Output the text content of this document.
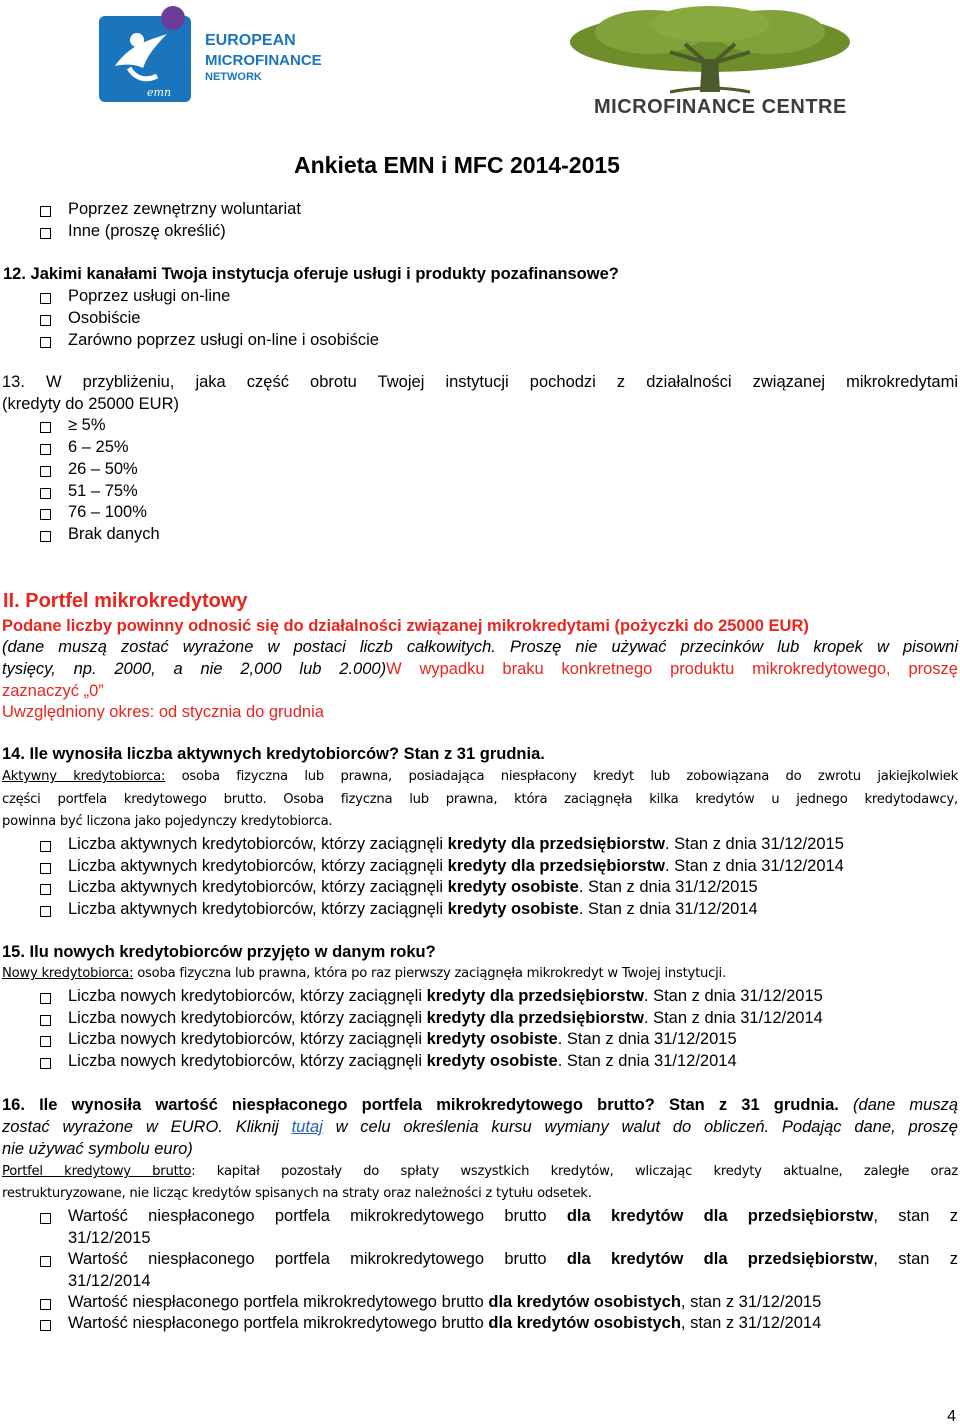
emn
EUROPEAN
MICROFINANCE
NETWORK
MICROFINANCE CENTRE
Ankieta EMN i MFC 2014-2015
Poprzez zewnętrzny woluntariat
Inne (proszę określić)
12. Jakimi kanałami Twoja instytucja oferuje usługi i produkty pozafinansowe?
Poprzez usługi on-line
Osobiście
Zarówno poprzez usługi on-line i osobiście
13. W przybliżeniu, jaka część obrotu Twojej instytucji pochodzi z działalności związanej mikrokredytami
(kredyty do 25000 EUR)
≥ 5%
6 – 25%
26 – 50%
51 – 75%
76 – 100%
Brak danych
II. Portfel mikrokredytowy
Podane liczby powinny odnosić się do działalności związanej mikrokredytami (pożyczki do 25000 EUR)
(dane muszą zostać wyrażone w postaci liczb całkowitych. Proszę nie używać przecinków lub kropek w pisowni
tysięcy, np. 2000, a nie 2,000 lub 2.000)W wypadku braku konkretnego produktu mikrokredytowego, proszę
zaznaczyć „0”
Uwzględniony okres: od stycznia do grudnia
14. Ile wynosiła liczba aktywnych kredytobiorców? Stan z 31 grudnia.
Aktywny kredytobiorca: osoba fizyczna lub prawna, posiadająca niespłacony kredyt lub zobowiązana do zwrotu jakiejkolwiek
części portfela kredytowego brutto. Osoba fizyczna lub prawna, która zaciągnęła kilka kredytów u jednego kredytodawcy,
powinna być liczona jako pojedynczy kredytobiorca.
Liczba aktywnych kredytobiorców, którzy zaciągnęli kredyty dla przedsiębiorstw. Stan z dnia 31/12/2015
Liczba aktywnych kredytobiorców, którzy zaciągnęli kredyty dla przedsiębiorstw. Stan z dnia 31/12/2014
Liczba aktywnych kredytobiorców, którzy zaciągnęli kredyty osobiste. Stan z dnia 31/12/2015
Liczba aktywnych kredytobiorców, którzy zaciągnęli kredyty osobiste. Stan z dnia 31/12/2014
15. Ilu nowych kredytobiorców przyjęto w danym roku?
Nowy kredytobiorca: osoba fizyczna lub prawna, która po raz pierwszy zaciągnęła mikrokredyt w Twojej instytucji.
Liczba nowych kredytobiorców, którzy zaciągnęli kredyty dla przedsiębiorstw. Stan z dnia 31/12/2015
Liczba nowych kredytobiorców, którzy zaciągnęli kredyty dla przedsiębiorstw. Stan z dnia 31/12/2014
Liczba nowych kredytobiorców, którzy zaciągnęli kredyty osobiste. Stan z dnia 31/12/2015
Liczba nowych kredytobiorców, którzy zaciągnęli kredyty osobiste. Stan z dnia 31/12/2014
16. Ile wynosiła wartość niespłaconego portfela mikrokredytowego brutto? Stan z 31 grudnia. (dane muszą
zostać wyrażone w EURO. Kliknij tutaj w celu określenia kursu wymiany walut do obliczeń. Podając dane, proszę
nie używać symbolu euro)
Portfel kredytowy brutto: kapitał pozostały do spłaty wszystkich kredytów, wliczając kredyty aktualne, zaległe oraz
restrukturyzowane, nie licząc kredytów spisanych na straty oraz należności z tytułu odsetek.
Wartość niespłaconego portfela mikrokredytowego brutto dla kredytów dla przedsiębiorstw, stan z
31/12/2015
Wartość niespłaconego portfela mikrokredytowego brutto dla kredytów dla przedsiębiorstw, stan z
31/12/2014
Wartość niespłaconego portfela mikrokredytowego brutto dla kredytów osobistych, stan z 31/12/2015
Wartość niespłaconego portfela mikrokredytowego brutto dla kredytów osobistych, stan z 31/12/2014
4
